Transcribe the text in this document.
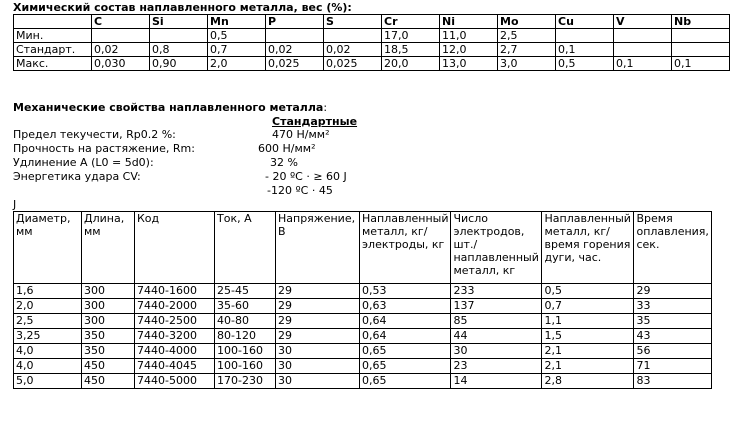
Химический состав наплавленного металла, вес (%):
	C	Si	Mn	P	S	Cr	Ni	Mo	Cu	V	Nb
Мин.			0,5			17,0	11,0	2,5			
Стандарт.	0,02	0,8	0,7	0,02	0,02	18,5	12,0	2,7	0,1		
Макс.	0,030	0,90	2,0	0,025	0,025	20,0	13,0	3,0	0,5	0,1	0,1
Механические свойства наплавленного металла:
Стандартные
Предел текучести, Rp0.2 %:	470 Н/мм²
Прочность на растяжение, Rm:	600 Н/мм²
Удлинение A (L0 = 5d0):	32 %
Энергетика удара CV:	- 20 ºC · ≥ 60 J
-120 ºC · 45
J
Диаметр, мм	Длина, мм	Код	Ток, А	Напряжение, В	Наплавленный металл, кг/ электроды, кг	Число электродов, шт./ наплавленный металл, кг	Наплавленный металл, кг/ время горения дуги, час.	Время оплавления, сек.
1,6	300	7440-1600	25-45	29	0,53	233	0,5	29
2,0	300	7440-2000	35-60	29	0,63	137	0,7	33
2,5	300	7440-2500	40-80	29	0,64	85	1,1	35
3,25	350	7440-3200	80-120	29	0,64	44	1,5	43
4,0	350	7440-4000	100-160	30	0,65	30	2,1	56
4,0	450	7440-4045	100-160	30	0,65	23	2,1	71
5,0	450	7440-5000	170-230	30	0,65	14	2,8	83
